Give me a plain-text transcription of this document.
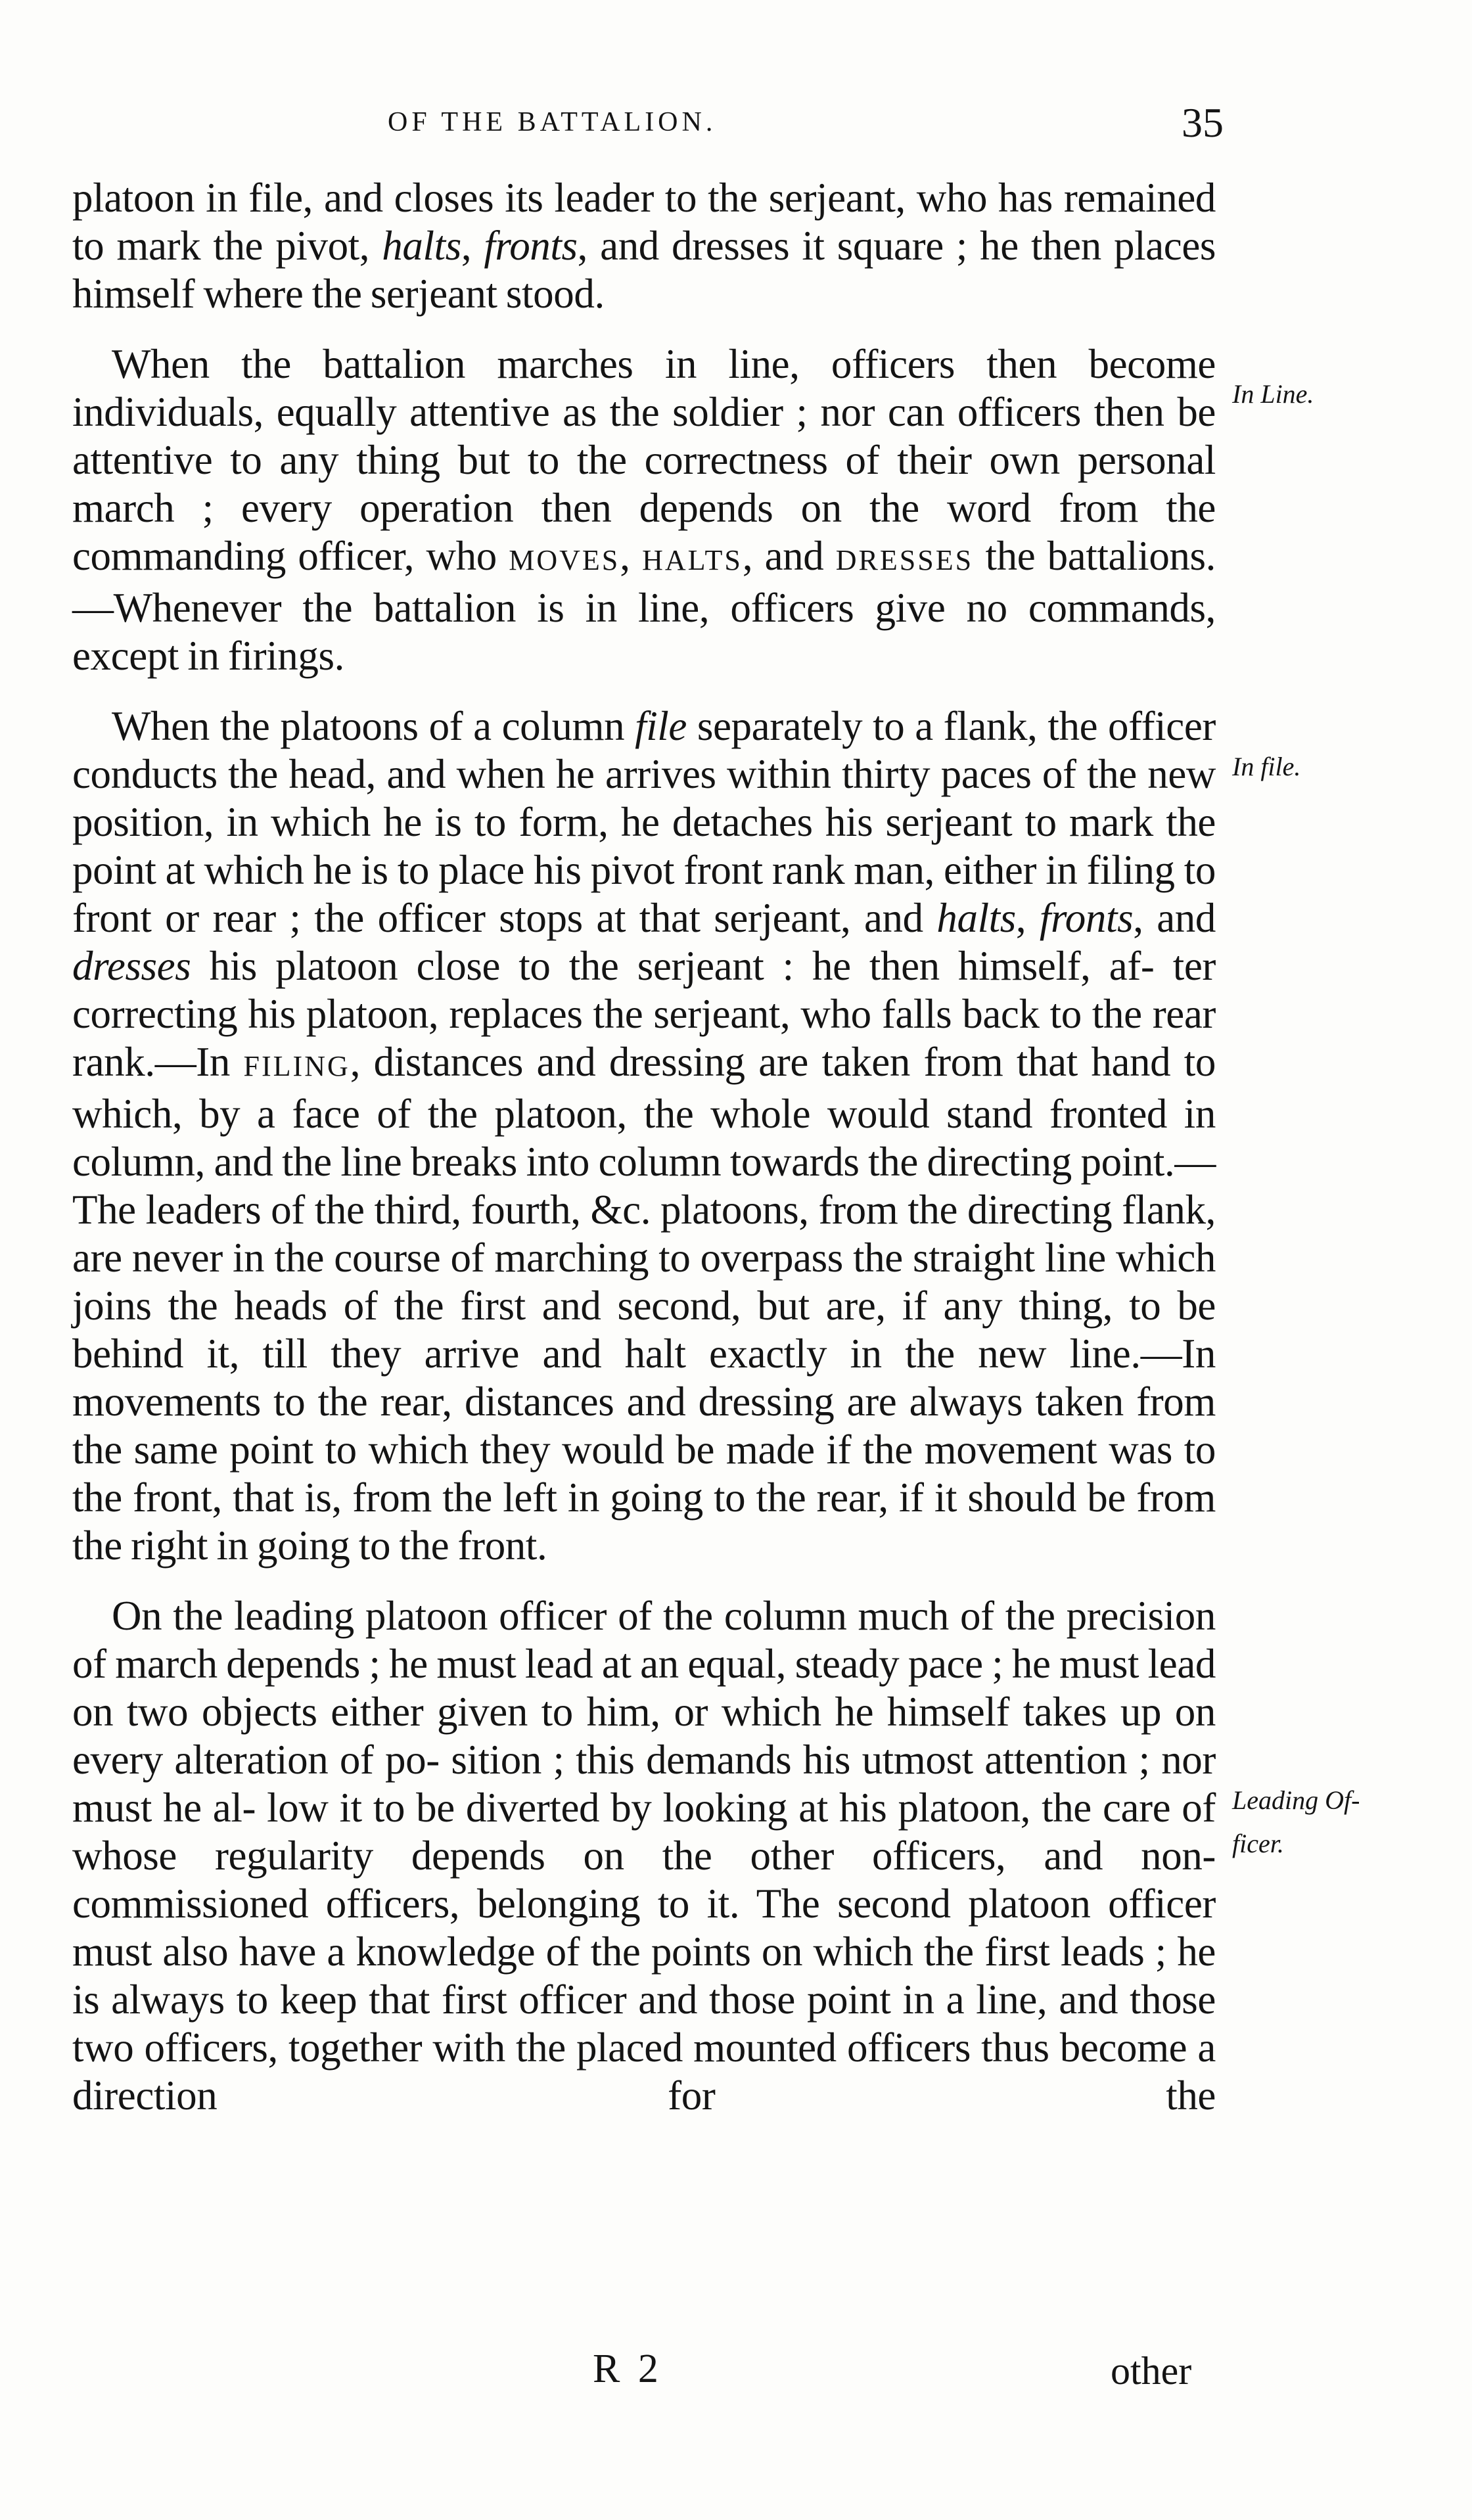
OF THE BATTALION.	35

platoon in file, and closes its leader to the serjeant, who has remained to mark the pivot, halts, fronts, and dresses it square ; he then places himself where the serjeant stood.

When the battalion marches in line, officers then become individuals, equally attentive as the soldier ; nor can officers then be attentive to any thing but to the correctness of their own personal march ; every operation then depends on the word from the commanding officer, who MOVES, HALTS, and DRESSES the battalions.—Whenever the battalion is in line, officers give no commands, except in firings.

When the platoons of a column file separately to a flank, the officer conducts the head, and when he arrives within thirty paces of the new position, in which he is to form, he detaches his serjeant to mark the point at which he is to place his pivot front rank man, either in filing to front or rear ; the officer stops at that serjeant, and halts, fronts, and dresses his platoon close to the serjeant : he then himself, af- ter correcting his platoon, replaces the serjeant, who falls back to the rear rank.—In FILING, distances and dressing are taken from that hand to which, by a face of the platoon, the whole would stand fronted in column, and the line breaks into column towards the directing point.—The leaders of the third, fourth, &c. platoons, from the directing flank, are never in the course of marching to overpass the straight line which joins the heads of the first and second, but are, if any thing, to be behind it, till they arrive and halt exactly in the new line.—In movements to the rear, distances and dressing are always taken from the same point to which they would be made if the movement was to the front, that is, from the left in going to the rear, if it should be from the right in going to the front.

On the leading platoon officer of the column much of the precision of march depends ; he must lead at an equal, steady pace ; he must lead on two objects either given to him, or which he himself takes up on every alteration of po- sition ; this demands his utmost attention ; nor must he al- low it to be diverted by looking at his platoon, the care of whose regularity depends on the other officers, and non- commissioned officers, belonging to it. The second platoon officer must also have a knowledge of the points on which the first leads ; he is always to keep that first officer and those point in a line, and those two officers, together with the placed mounted officers thus become a direction for the

In Line.
In file.
Leading Of-
ficer.
R 2	other
